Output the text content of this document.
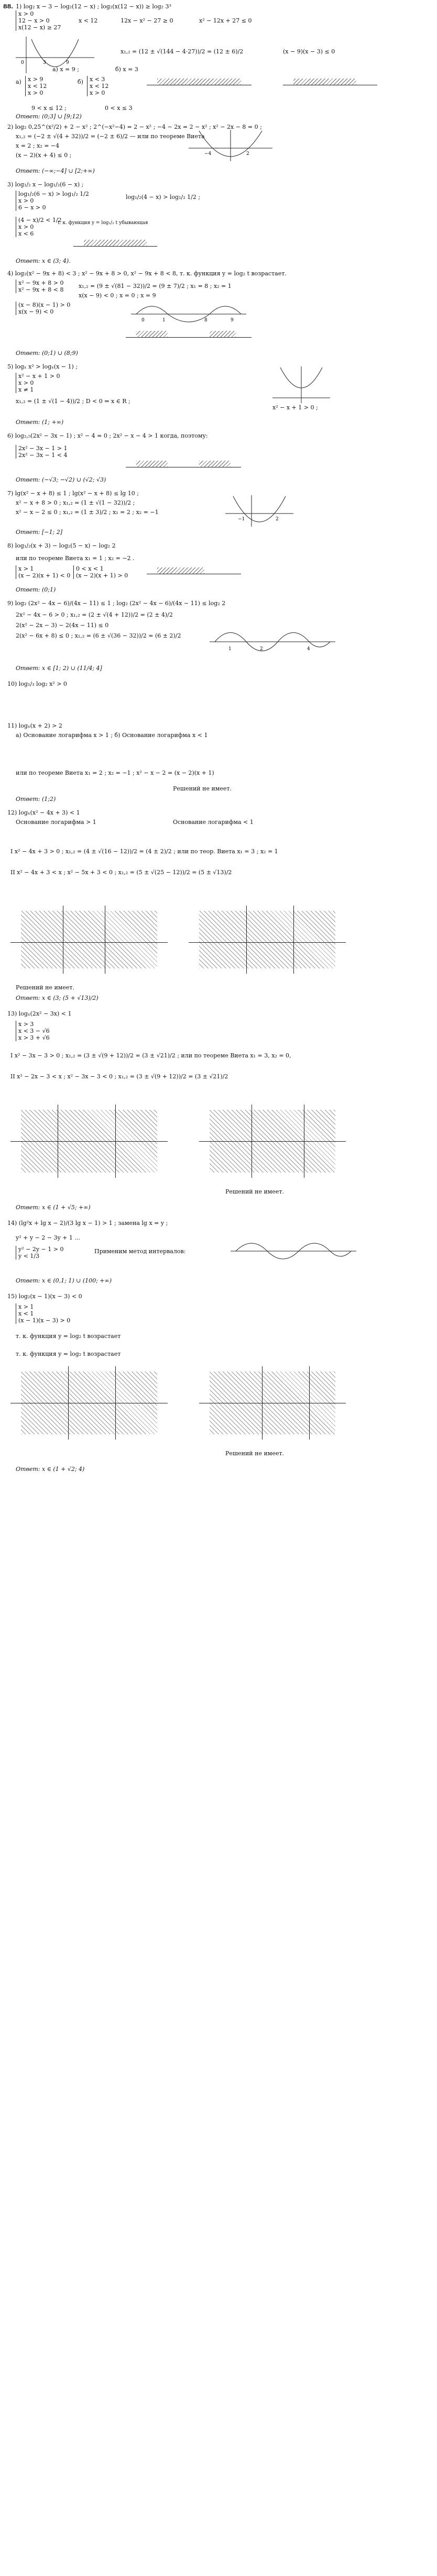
88. 1) log₂ x − 3 − log₂(12 − x) ; log₂(x(12 − x)) ≥ log₂ 3³
x > 0
12 − x > 0
x(12 − x) ≥ 27
x < 12	12x − x² − 27 ≥ 0	x² − 12x + 27 ≤ 0
0	3	9
x₁,₂ = (12 ± √(144 − 4·27))/2 = (12 ± 6)/2	(x − 9)(x − 3) ≤ 0
a) x = 9 ;	б) x = 3
a) x > 9
x < 12
x > 0
б) x < 3
x < 12
x > 0
9 < x ≤ 12 ;	0 < x ≤ 3
Ответ: (0;3] ∪ [9;12)
2) log₂ 0,25^(x²/2) + 2 − x² ; 2^(−x²−4) = 2 − x² ; −4 − 2x = 2 − x² ; x² − 2x − 8 = 0 ;
x₁,₂ = (−2 ± √(4 + 32))/2 = (−2 ± 6)/2 — или по теореме Виета
x = 2 ; x₂ = −4
(x − 2)(x + 4) ≤ 0 ;	−4	2
Ответ: (−∞;−4] ∪ [2;+∞)
3) log₁/₂ x − log₁/₂(6 − x) ;
log₁/₂(6 − x) > log₁/₂ 1/2
x > 0
6 − x > 0
log₁/₂(4 − x) > log₁/₂ 1/2 ;
(4 − x)/2 < 1/2
x > 0
x < 6
t. к. функция y = log₁/₂ t убывающая
Ответ: x ∈ (3; 4).
4) log₂(x² − 9x + 8) < 3 ; x² − 9x + 8 > 0, x² − 9x + 8 < 8, т. к. функция y = log₂ t возрастает.
x² − 9x + 8 > 0
x² − 9x + 8 < 8
x₁,₂ = (9 ± √(81 − 32))/2 = (9 ± 7)/2 ; x₁ = 8 ; x₂ = 1
x(x − 9) < 0 ; x = 0 ; x = 9
(x − 8)(x − 1) > 0
x(x − 9) < 0
0	1	8	9
Ответ: (0;1) ∪ (8;9)
5) logₓ x² > logₓ(x − 1) ;
x² − x + 1 > 0
x > 0
x ≠ 1
x² − x + 1 > 0 ;
x₁,₂ = (1 ± √(1 − 4))/2 ; D < 0 ⇒ x ∈ R ;
Ответ: (1; +∞)
6) log₂,₅(2x² − 3x − 1) ; x² − 4 = 0 ; 2x² − x − 4 > 1 когда, поэтому:
2x² − 3x − 1 > 1
2x² − 3x − 1 < 4
Ответ: (−√3; −√2) ∪ (√2; √3)
7) lg(x² − x + 8) ≤ 1 ; lg(x² − x + 8) ≤ lg 10 ;
x² − x + 8 > 0 ; x₁,₂ = (1 ± √(1 − 32))/2 ;
x² − x − 2 ≤ 0 ; x₁,₂ = (1 ± 3)/2 ; x₁ = 2 ; x₂ = −1
−1	2
Ответ: [−1; 2]
8) log₁/₂(x + 3) − log₂(5 − x) − log₂ 2
или по теореме Виета x₁ = 1 ; x₂ = −2 .
x > 1
(x − 2)(x + 1) < 0
0 < x < 1
(x − 2)(x + 1) > 0
Ответ: (0;1)
9) log₂ (2x² − 4x − 6)/(4x − 11) ≤ 1 ; log₂ (2x² − 4x − 6)/(4x − 11) ≤ log₂ 2
2x² − 4x − 6 > 0 ; x₁,₂ = (2 ± √(4 + 12))/2 = (2 ± 4)/2
2(x² − 2x − 3) − 2(4x − 11) ≤ 0
2(x² − 6x + 8) ≤ 0 ; x₁,₂ = (6 ± √(36 − 32))/2 = (6 ± 2)/2
1	2	4
Ответ: x ∈ [1; 2) ∪ (11/4; 4]
10) log₁/₃ log₂ x² > 0
11) logₓ(x + 2) > 2
a) Основание логарифма x > 1 ; б) Основание логарифма x < 1
или по теореме Виета x₁ = 2 ; x₂ = −1 ; x² − x − 2 = (x − 2)(x + 1)
Решений не имеет.
Ответ: (1;2)
12) logₓ(x² − 4x + 3) < 1
Основание логарифма > 1	Основание логарифма < 1
I x² − 4x + 3 > 0 ; x₁,₂ = (4 ± √(16 − 12))/2 = (4 ± 2)/2 ; или по теор. Виета x₁ = 3 ; x₂ = 1
II x² − 4x + 3 < x ; x² − 5x + 3 < 0 ; x₁,₂ = (5 ± √(25 − 12))/2 = (5 ± √13)/2
Решений не имеет.
Ответ: x ∈ (3; (5 + √13)/2)
13) logₓ(2x² − 3x) < 1
x > 3
x < 3 − √6
x > 3 + √6
I x² − 3x − 3 > 0 ; x₁,₂ = (3 ± √(9 + 12))/2 = (3 ± √21)/2 ; или по теореме Виета x₁ = 3, x₂ = 0,
II x² − 2x − 3 < x ; x² − 3x − 3 < 0 ; x₁,₂ = (3 ± √(9 + 12))/2 = (3 ± √21)/2
Решений не имеет.
Ответ: x ∈ (1 + √5; +∞)
14) (lg²x + lg x − 2)/(3 lg x − 1) > 1 ; замена lg x = y ;
y² + y − 2 − 3y + 1 ...
Применим метод интервалов:
y² − 2y − 1 > 0
y < 1/3
Ответ: x ∈ (0,1; 1) ∪ (100; +∞)
15) log₂(x − 1)(x − 3) < 0
x > 1
x < 1
(x − 1)(x − 3) > 0
т. к. функция y = log₂ t возрастает
т. к. функция y = log₂ t возрастает
Решений не имеет.
Ответ: x ∈ (1 + √2; 4)
